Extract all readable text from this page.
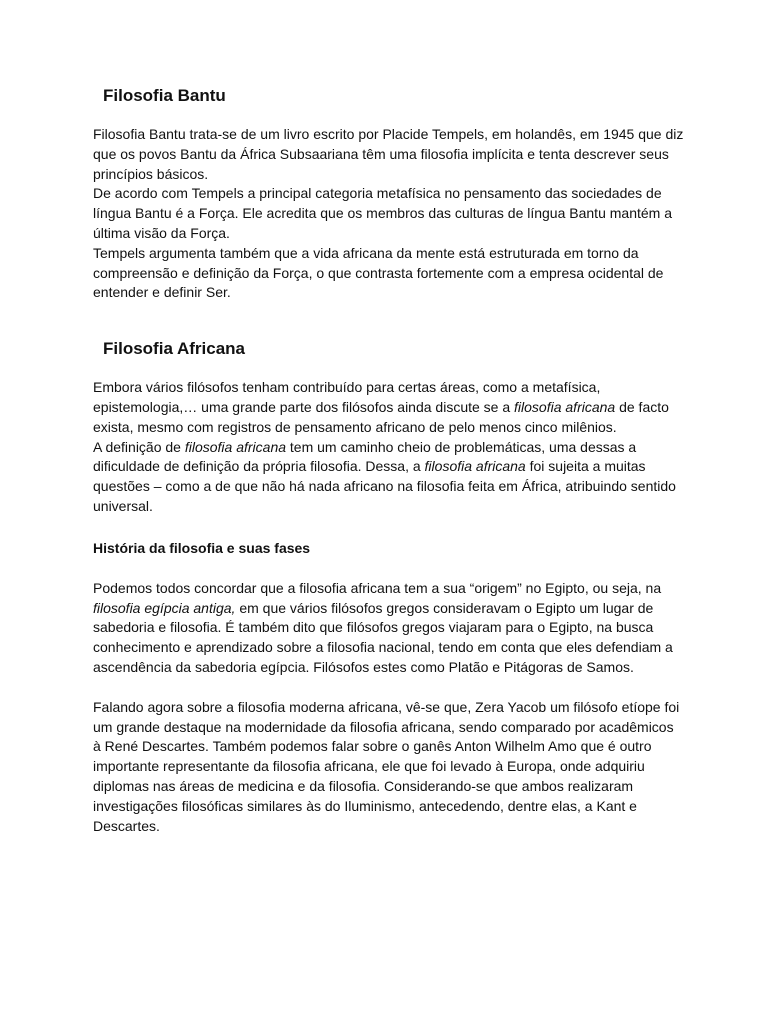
Filosofia Bantu

Filosofia Bantu trata-se de um livro escrito por Placide Tempels, em holandês, em 1945 que diz que os povos Bantu da África Subsaariana têm uma filosofia implícita e tenta descrever seus princípios básicos.

De acordo com Tempels a principal categoria metafísica no pensamento das sociedades de língua Bantu é a Força. Ele acredita que os membros das culturas de língua Bantu mantém a última visão da Força.

Tempels argumenta também que a vida africana da mente está estruturada em torno da compreensão e definição da Força, o que contrasta fortemente com a empresa ocidental de entender e definir Ser.

Filosofia Africana

Embora vários filósofos tenham contribuído para certas áreas, como a metafísica, epistemologia,… uma grande parte dos filósofos ainda discute se a filosofia africana de facto exista, mesmo com registros de pensamento africano de pelo menos cinco milênios.

A definição de filosofia africana tem um caminho cheio de problemáticas, uma dessas a dificuldade de definição da própria filosofia. Dessa, a filosofia africana foi sujeita a muitas questões – como a de que não há nada africano na filosofia feita em África, atribuindo sentido universal.

História da filosofia e suas fases

Podemos todos concordar que a filosofia africana tem a sua “origem” no Egipto, ou seja, na filosofia egípcia antiga, em que vários filósofos gregos consideravam o Egipto um lugar de sabedoria e filosofia. É também dito que filósofos gregos viajaram para o Egipto, na busca conhecimento e aprendizado sobre a filosofia nacional, tendo em conta que eles defendiam a ascendência da sabedoria egípcia. Filósofos estes como Platão e Pitágoras de Samos.

Falando agora sobre a filosofia moderna africana, vê-se que, Zera Yacob um filósofo etíope foi um grande destaque na modernidade da filosofia africana, sendo comparado por acadêmicos à René Descartes. Também podemos falar sobre o ganês Anton Wilhelm Amo que é outro importante representante da filosofia africana, ele que foi levado à Europa, onde adquiriu diplomas nas áreas de medicina e da filosofia. Considerando-se que ambos realizaram investigações filosóficas similares às do Iluminismo, antecedendo, dentre elas, a Kant e Descartes.
